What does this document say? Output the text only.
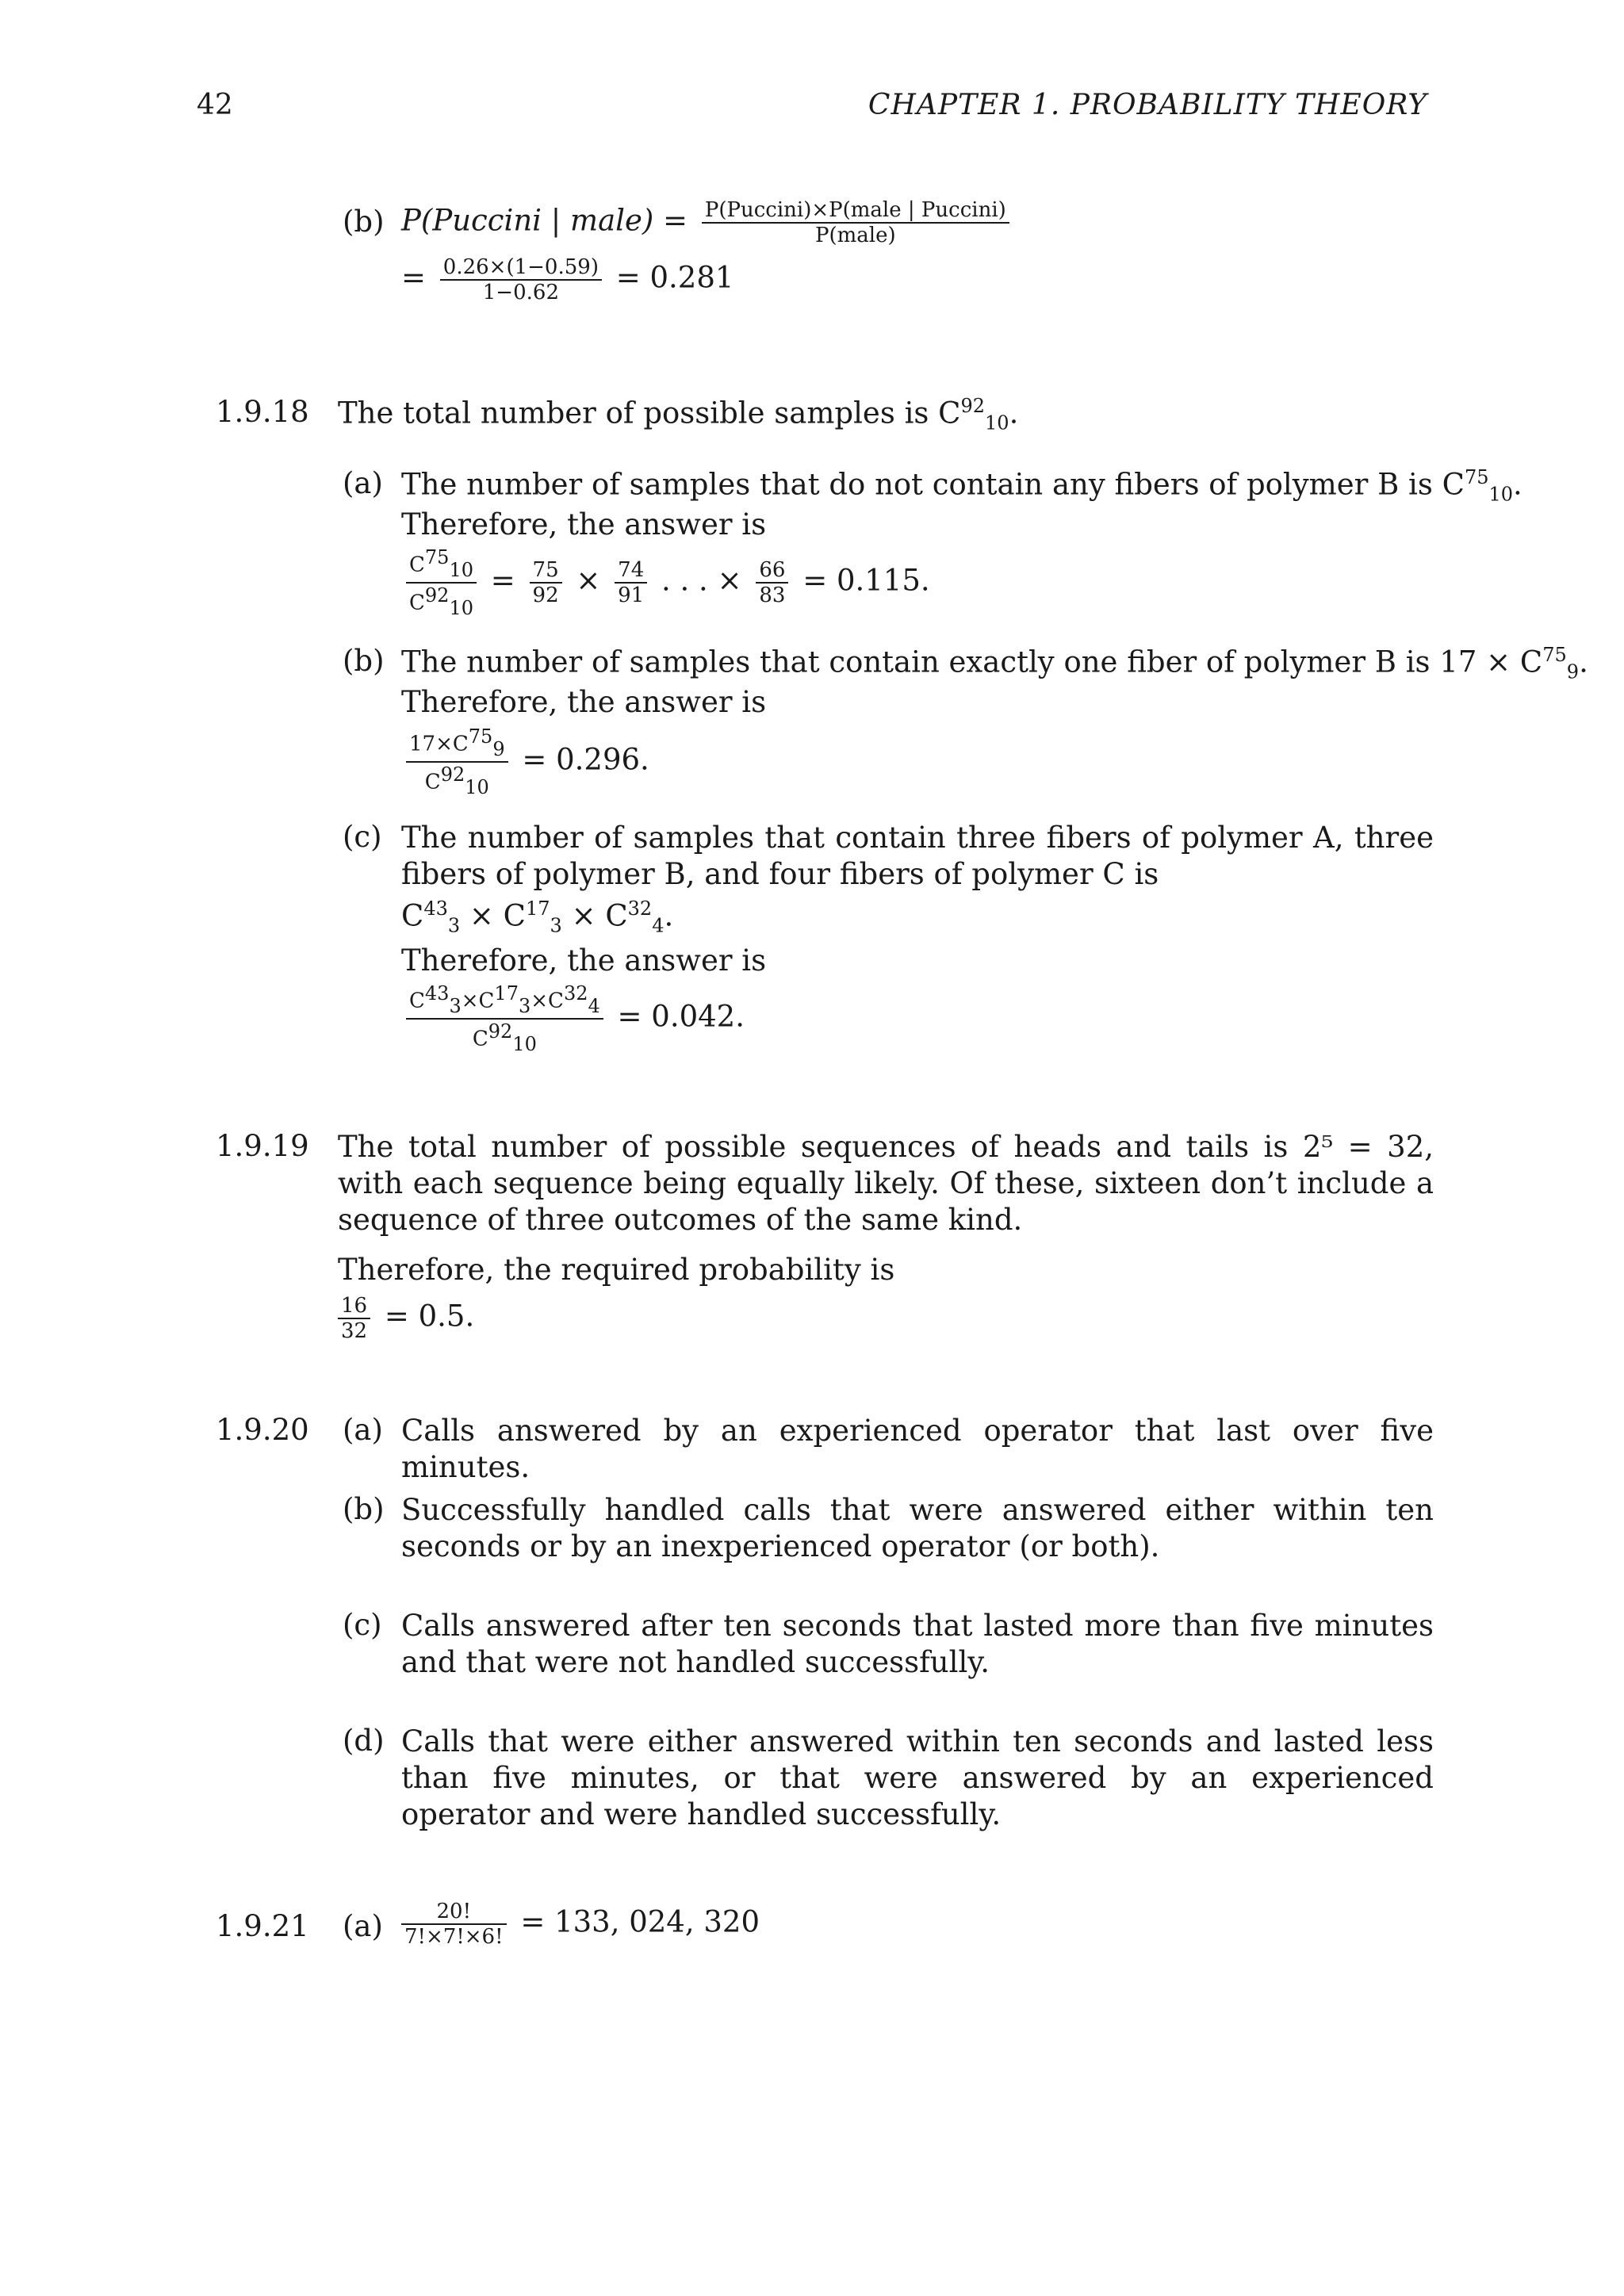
42	CHAPTER 1. PROBABILITY THEORY
(b) P(Puccini | male) = $\frac{\text{P(Puccini)×P(male | Puccini)}}{\text{P(male)}}$
= $\frac{0.26\times(1-0.59)}{1-0.62} = 0.281$
1.9.18 The total number of possible samples is $C^{92}_{10}$.
(a) The number of samples that do not contain any fibers of polymer B is $C^{75}_{10}$.
Therefore, the answer is
$\frac{C^{75}_{10}}{C^{92}_{10}} = \frac{75}{92} \times \frac{74}{91}$ . . . × $\frac{66}{83} = 0.115$.
(b) The number of samples that contain exactly one fiber of polymer B is $17 \times C^{75}_9$.
Therefore, the answer is
$\frac{17\times C^{75}_9}{C^{92}_{10}} = 0.296$.
(c) The number of samples that contain three fibers of polymer A, three fibers of polymer B, and four fibers of polymer C is
$C^{43}_3 \times C^{17}_3 \times C^{32}_4$.
Therefore, the answer is
$\frac{C^{43}_3\times C^{17}_3\times C^{32}_4}{C^{92}_{10}} = 0.042$.
1.9.19 The total number of possible sequences of heads and tails is 2⁵ = 32, with each sequence being equally likely. Of these, sixteen don’t include a sequence of three outcomes of the same kind.
Therefore, the required probability is
$\frac{16}{32} = 0.5$.
1.9.20 (a) Calls answered by an experienced operator that last over five minutes.
(b) Successfully handled calls that were answered either within ten seconds or by an inexperienced operator (or both).
(c) Calls answered after ten seconds that lasted more than five minutes and that were not handled successfully.
(d) Calls that were either answered within ten seconds and lasted less than five minutes, or that were answered by an experienced operator and were handled successfully.
1.9.21 $(a) \frac{20!}{7!\times 7!\times 6!} = 133$, 024, 320
